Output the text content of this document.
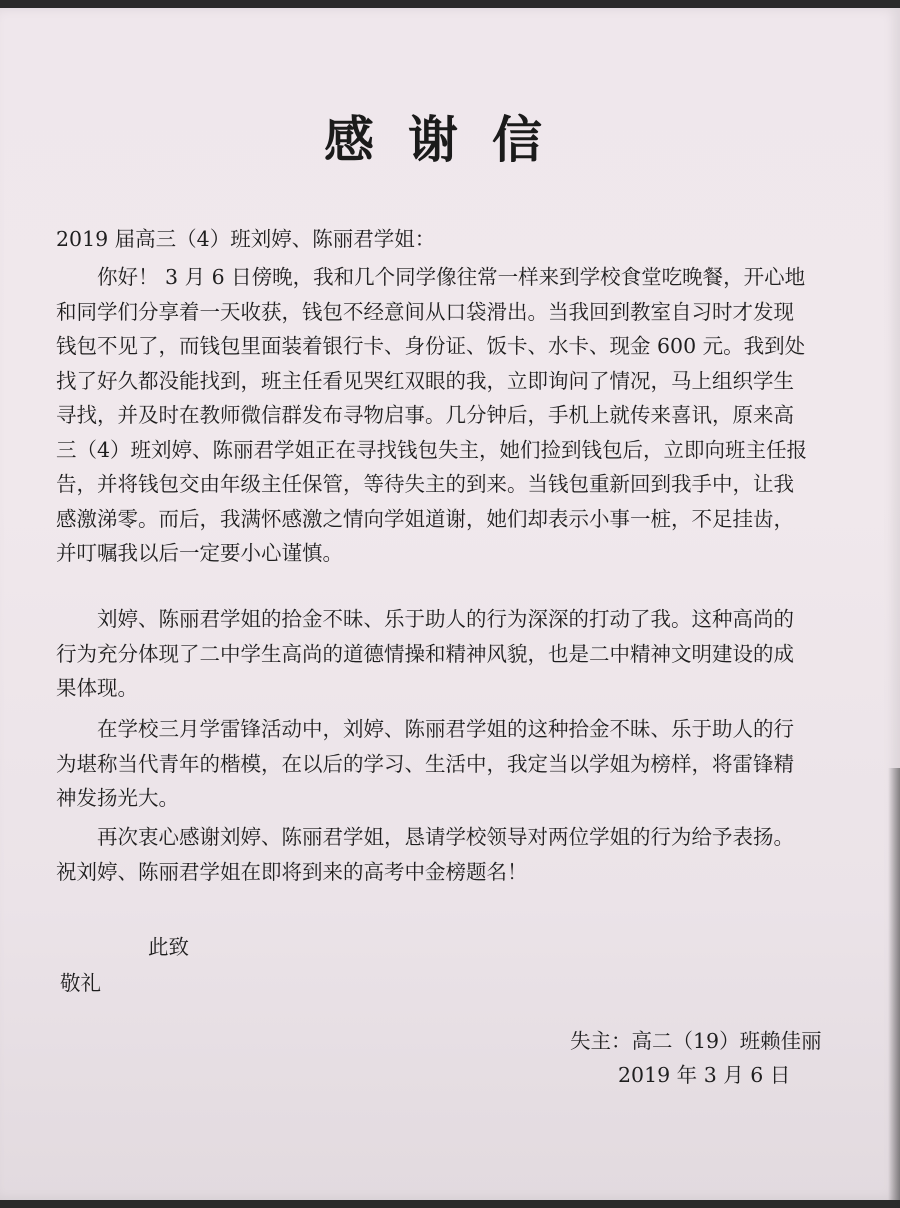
感谢信
2019 届高三（4）班刘婷、陈丽君学姐：
　　你好！ 3 月 6 日傍晚，我和几个同学像往常一样来到学校食堂吃晚餐，开心地
和同学们分享着一天收获，钱包不经意间从口袋滑出。当我回到教室自习时才发现
钱包不见了，而钱包里面装着银行卡、身份证、饭卡、水卡、现金 600 元。我到处
找了好久都没能找到，班主任看见哭红双眼的我，立即询问了情况，马上组织学生
寻找，并及时在教师微信群发布寻物启事。几分钟后，手机上就传来喜讯，原来高
三（4）班刘婷、陈丽君学姐正在寻找钱包失主，她们捡到钱包后，立即向班主任报
告，并将钱包交由年级主任保管，等待失主的到来。当钱包重新回到我手中，让我
感激涕零。而后，我满怀感激之情向学姐道谢，她们却表示小事一桩，不足挂齿，
并叮嘱我以后一定要小心谨慎。
　　刘婷、陈丽君学姐的拾金不昧、乐于助人的行为深深的打动了我。这种高尚的
行为充分体现了二中学生高尚的道德情操和精神风貌，也是二中精神文明建设的成
果体现。
　　在学校三月学雷锋活动中，刘婷、陈丽君学姐的这种拾金不昧、乐于助人的行
为堪称当代青年的楷模，在以后的学习、生活中，我定当以学姐为榜样，将雷锋精
神发扬光大。
　　再次衷心感谢刘婷、陈丽君学姐，恳请学校领导对两位学姐的行为给予表扬。
祝刘婷、陈丽君学姐在即将到来的高考中金榜题名！
此致
敬礼
失主：高二（19）班赖佳丽
2019 年 3 月 6 日
